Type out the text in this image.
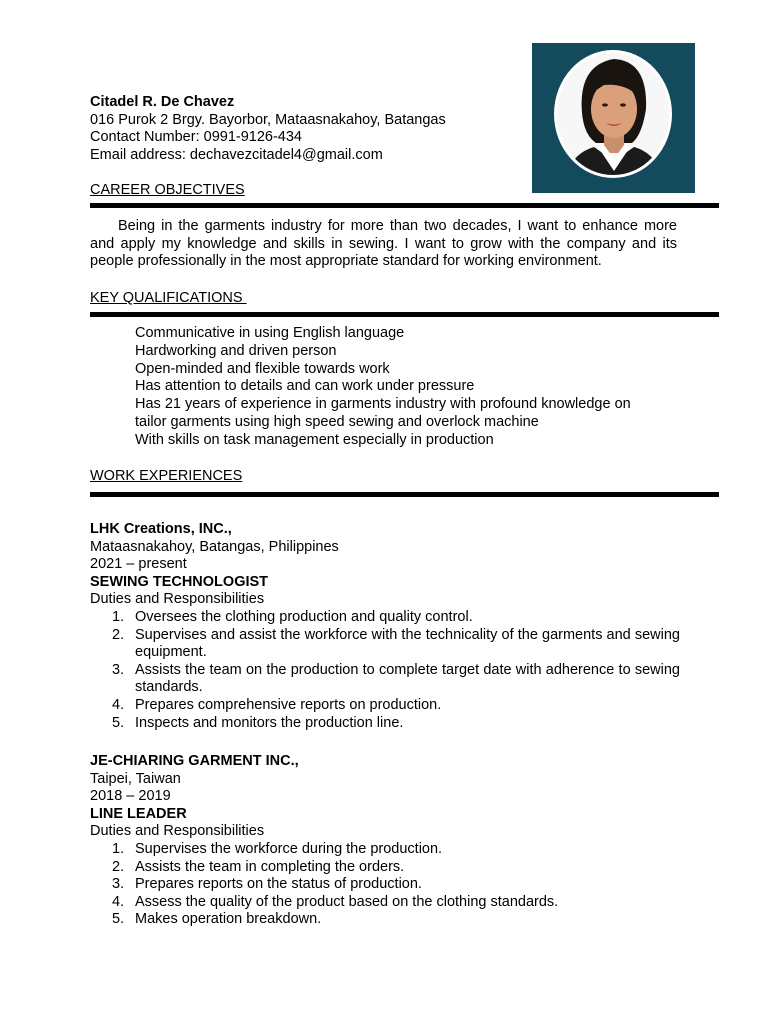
Citadel R. De Chavez
016 Purok 2 Brgy. Bayorbor, Mataasnakahoy, Batangas
Contact Number: 0991-9126-434
Email address: dechavezcitadel4@gmail.com
CAREER OBJECTIVES
Being in the garments industry for more than two decades, I want to enhance more and apply my knowledge and skills in sewing. I want to grow with the company and its people professionally in the most appropriate standard for working environment.
KEY QUALIFICATIONS
Communicative in using English language
Hardworking and driven person
Open-minded and flexible towards work
Has attention to details and can work under pressure
Has 21 years of experience in garments industry with profound knowledge on
tailor garments using high speed sewing and overlock machine
With skills on task management especially in production
WORK EXPERIENCES
LHK Creations, INC.,
Mataasnakahoy, Batangas, Philippines
2021 – present
SEWING TECHNOLOGIST
Duties and Responsibilities
1. Oversees the clothing production and quality control.
2. Supervises and assist the workforce with the technicality of the garments and sewing equipment.
3. Assists the team on the production to complete target date with adherence to sewing standards.
4. Prepares comprehensive reports on production.
5. Inspects and monitors the production line.
JE-CHIARING GARMENT INC.,
Taipei, Taiwan
2018 – 2019
LINE LEADER
Duties and Responsibilities
1. Supervises the workforce during the production.
2. Assists the team in completing the orders.
3. Prepares reports on the status of production.
4. Assess the quality of the product based on the clothing standards.
5. Makes operation breakdown.
